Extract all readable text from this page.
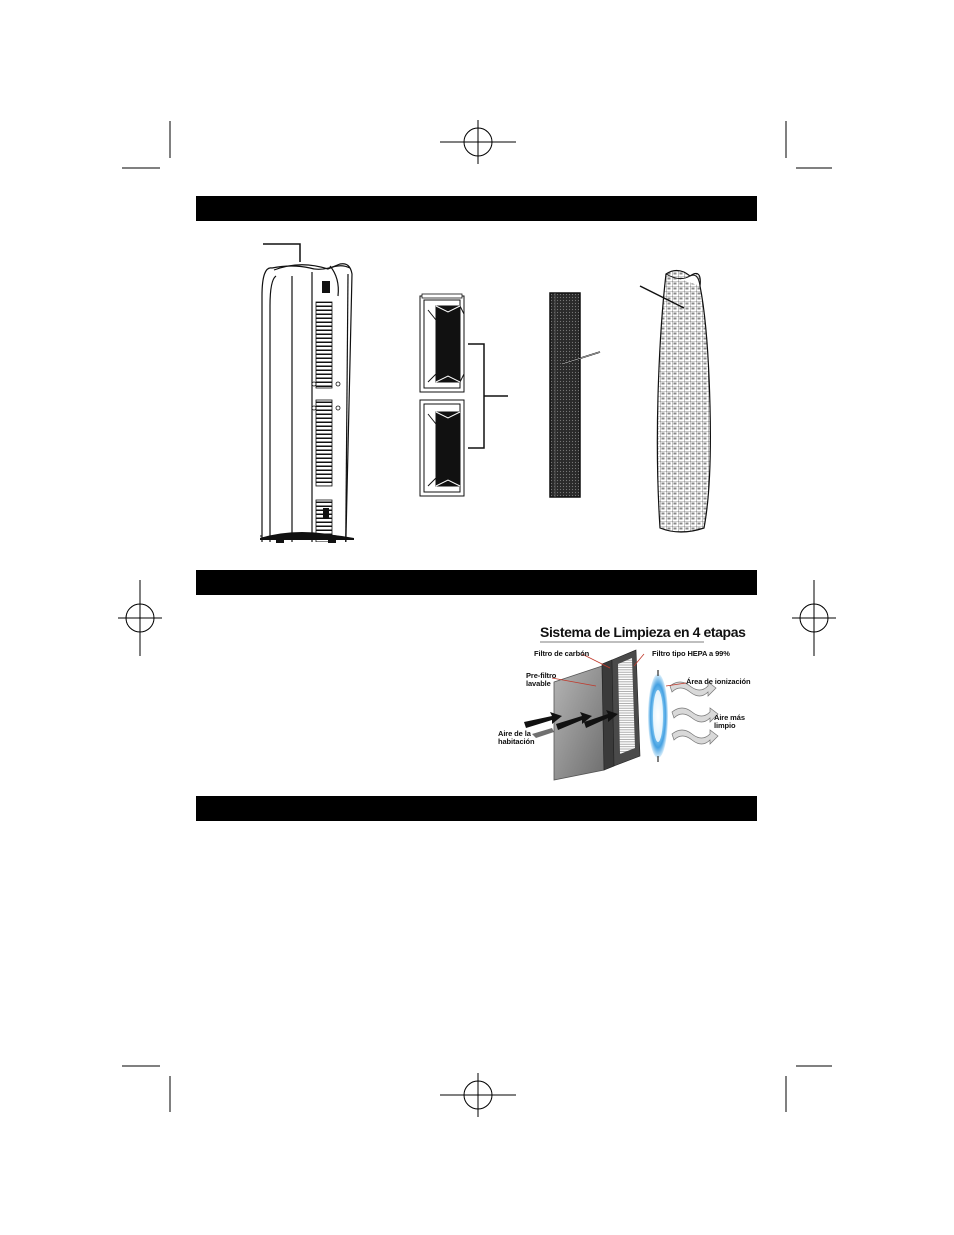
Sistema de Limpieza en 4 etapas
Filtro de carbón	Filtro tipo HEPA a 99%
Pre-filtro
lavable	Área de ionización
Aire más
limpio
Aire de la
habitación
